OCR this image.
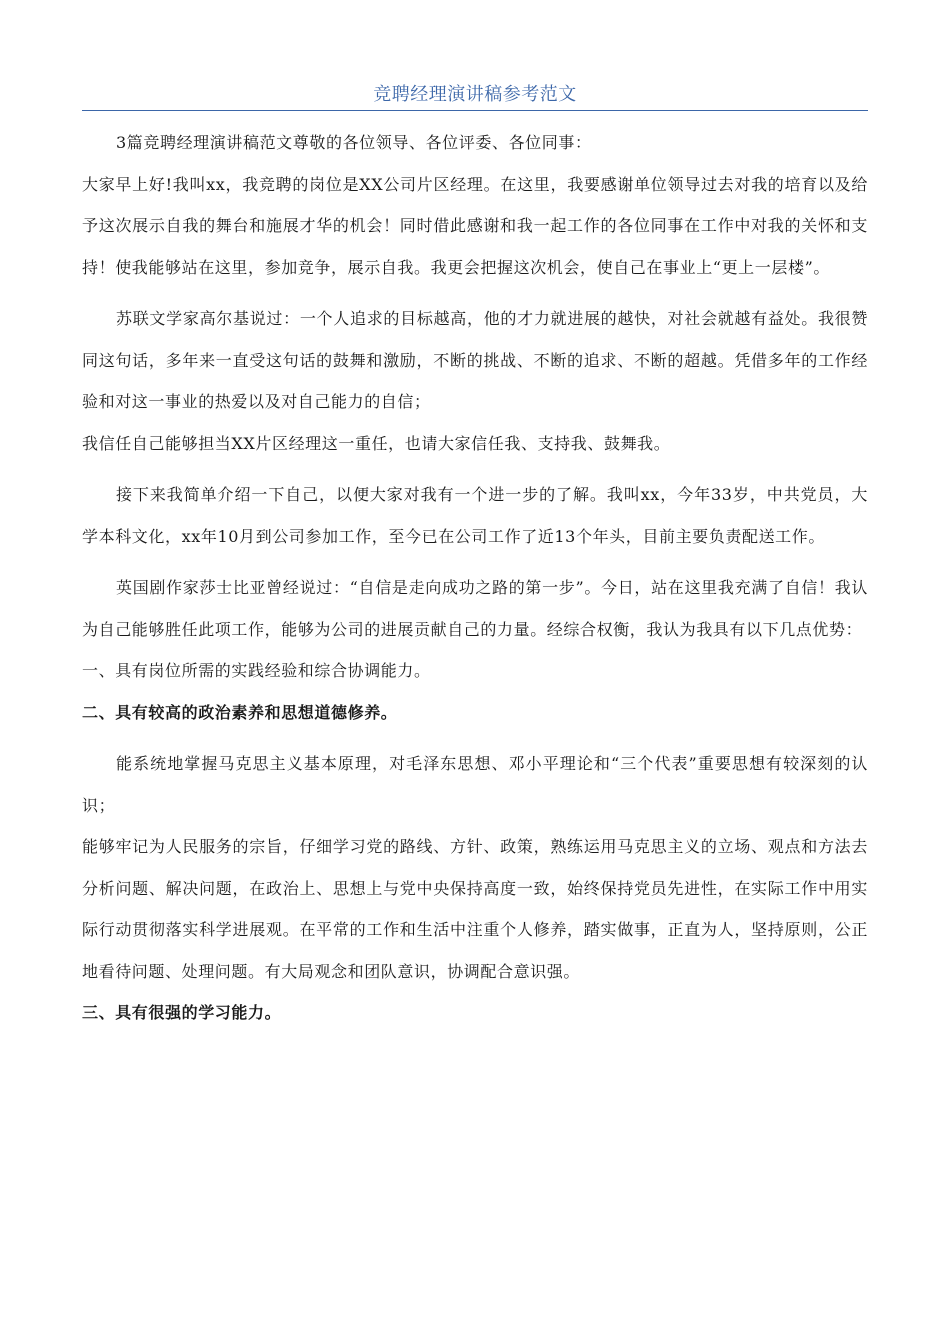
竞聘经理演讲稿参考范文

3篇竞聘经理演讲稿范文尊敬的各位领导、各位评委、各位同事：

大家早上好!我叫xx，我竞聘的岗位是XX公司片区经理。在这里，我要感谢单位领导过去对我的培育以及给予这次展示自我的舞台和施展才华的机会！同时借此感谢和我一起工作的各位同事在工作中对我的关怀和支持！使我能够站在这里，参加竞争，展示自我。我更会把握这次机会，使自己在事业上“更上一层楼”。

苏联文学家高尔基说过：一个人追求的目标越高，他的才力就进展的越快，对社会就越有益处。我很赞同这句话，多年来一直受这句话的鼓舞和激励，不断的挑战、不断的追求、不断的超越。凭借多年的工作经验和对这一事业的热爱以及对自己能力的自信；

我信任自己能够担当XX片区经理这一重任，也请大家信任我、支持我、鼓舞我。

接下来我简单介绍一下自己，以便大家对我有一个进一步的了解。我叫xx，今年33岁，中共党员，大学本科文化，xx年10月到公司参加工作，至今已在公司工作了近13个年头，目前主要负责配送工作。

英国剧作家莎士比亚曾经说过：“自信是走向成功之路的第一步”。今日，站在这里我充满了自信！我认为自己能够胜任此项工作，能够为公司的进展贡献自己的力量。经综合权衡，我认为我具有以下几点优势：

一、具有岗位所需的实践经验和综合协调能力。

二、具有较高的政治素养和思想道德修养。

能系统地掌握马克思主义基本原理，对毛泽东思想、邓小平理论和“三个代表”重要思想有较深刻的认识；

能够牢记为人民服务的宗旨，仔细学习党的路线、方针、政策，熟练运用马克思主义的立场、观点和方法去分析问题、解决问题，在政治上、思想上与党中央保持高度一致，始终保持党员先进性，在实际工作中用实际行动贯彻落实科学进展观。在平常的工作和生活中注重个人修养，踏实做事，正直为人，坚持原则，公正地看待问题、处理问题。有大局观念和团队意识，协调配合意识强。

三、具有很强的学习能力。
